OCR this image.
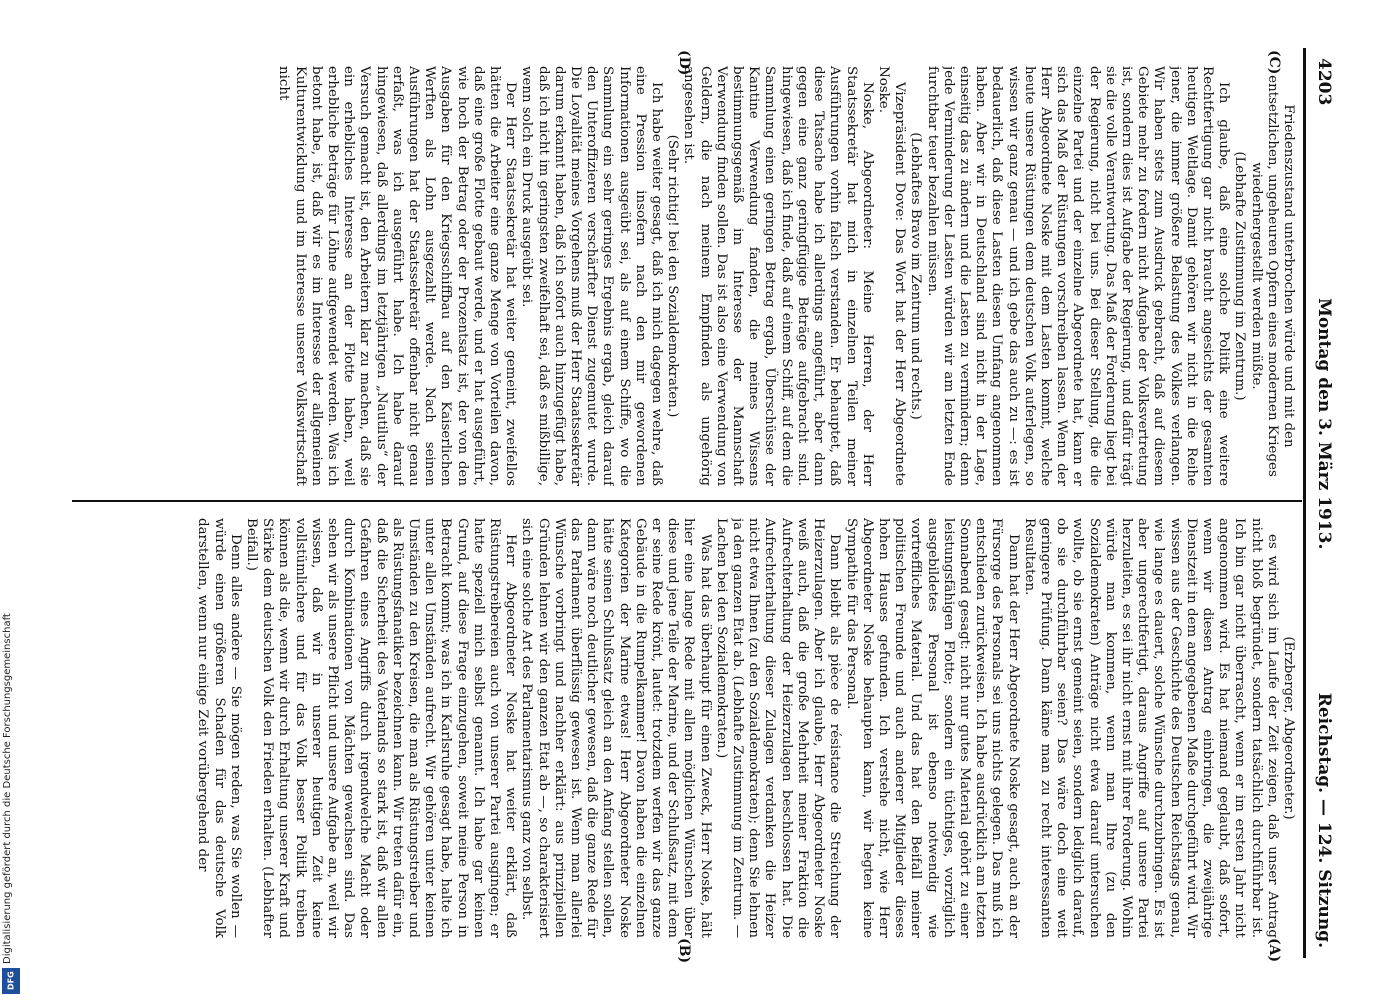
Digitalisierung gefördert durch die Deutsche Forschungsgemeinschaft
DFG
4203
Montag den 3. März 1913.
Reichstag. — 124. Sitzung.
(C)
(D)
(A)
(B)

Friedenszustand unterbrochen würde und mit den entsetzlichen, ungeheuren Opfern eines modernen Krieges wiederhergestellt werden müßte.

(Lebhafte Zustimmung im Zentrum.)

Ich glaube, daß eine solche Politik eine weitere Rechtfertigung gar nicht braucht angesichts der gesamten heutigen Weltlage. Damit gehören wir nicht in die Reihe jener, die immer größere Belastung des Volkes verlangen. Wir haben stets zum Ausdruck gebracht, daß auf diesem Gebiete mehr zu fordern nicht Aufgabe der Volksvertretung ist, sondern dies ist Aufgabe der Regierung, und dafür trägt sie die volle Verantwortung. Das Maß der Forderung liegt bei der Regierung, nicht bei uns. Bei dieser Stellung, die die einzelne Partei und der einzelne Abgeordnete hat, kann er sich das Maß der Rüstungen vorschreiben lassen. Wenn der Herr Abgeordnete Noske mit dem Lasten kommt, welche heute unsere Rüstungen dem deutschen Volk auferlegen, so wissen wir ganz genau — und ich gebe das auch zu —: es ist bedauerlich, daß diese Lasten diesen Umfang angenommen haben. Aber wir in Deutschland sind nicht in der Lage, einseitig das zu ändern und die Lasten zu vermindern; denn jede Verminderung der Lasten würden wir am letzten Ende furchtbar teuer bezahlen müssen.

(Lebhaftes Bravo im Zentrum und rechts.)

Vizepräsident Dove: Das Wort hat der Herr Abgeordnete Noske.

Noske, Abgeordneter: Meine Herren, der Herr Staatssekretär hat mich in einzelnen Teilen meiner Ausführungen vorhin falsch verstanden. Er behauptet, daß diese Tatsache habe ich allerdings angeführt, aber dann gegen eine ganz geringfügige Beträge aufgebracht sind. hingewiesen, daß ich finde, daß auf einem Schiff, auf dem die Sammlung einen geringen Betrag ergab, Überschüsse der Kantine Verwendung fanden, die meines Wissens bestimmungsgemäß im Interesse der Mannschaft Verwendung finden sollen. Das ist also eine Verwendung von Geldern, die nach meinem Empfinden als ungehörig angesehen ist.

(Sehr richtig! bei den Sozialdemokraten.)

Ich habe weiter gesagt, daß ich mich dagegen wehre, daß eine Pression insofern nach den mir gewordenen Informationen ausgeübt sei, als auf einem Schiffe, wo die Sammlung ein sehr geringes Ergebnis ergab, gleich darauf den Unteroffizieren verschärfter Dienst zugemutet wurde. Die Loyalität meines Vorgehens muß der Herr Staatssekretär darum erkannt haben, daß ich sofort auch hinzugefügt habe, daß ich nicht im geringsten zweifelhaft sei, daß es mißbillige, wenn solch ein Druck ausgeübt sei.

Der Herr Staatssekretär hat weiter gemeint, zweifellos hätten die Arbeiter eine ganze Menge von Vorteilen davon, daß eine große Flotte gebaut werde, und er hat ausgeführt, wie hoch der Betrag oder der Prozentsatz ist, der von den Ausgaben für den Kriegsschiffbau auf den Kaiserlichen Werften als Lohn ausgezahlt werde. Nach seinen Ausführungen hat der Staatssekretär offenbar nicht genau erfaßt, was ich ausgeführt habe. Ich habe darauf hingewiesen, daß allerdings im letztjährigen „Nautilus“ der Versuch gemacht ist, den Arbeitern klar zu machen, daß sie ein erhebliches Interesse an der Flotte haben, weil erhebliche Beträge für Löhne aufgewendet werden. Was ich betont habe, ist, daß wir es im Interesse der allgemeinen Kulturentwicklung und im Interesse unserer Volkswirtschaft nicht

(Erzberger, Abgeordneter.)

es wird sich im Laufe der Zeit zeigen, daß unser Antrag nicht bloß begründet, sondern tatsächlich durchführbar ist. Ich bin gar nicht überrascht, wenn er im ersten Jahr nicht angenommen wird. Es hat niemand geglaubt, daß sofort, wenn wir diesen Antrag einbringen, die zweijährige Dienstzeit in dem angegebenen Maße durchgeführt wird. Wir wissen aus der Geschichte des Deutschen Reichstags genau, wie lange es dauert, solche Wünsche durchzubringen. Es ist aber ungerechtfertigt, daraus Angriffe auf unsere Partei herzuleiten, es sei ihr nicht ernst mit ihrer Forderung. Wohin würde man kommen, wenn man Ihre (zu den Sozialdemokraten) Anträge nicht etwa darauf untersuchen wollte, ob sie ernst gemeint seien, sondern lediglich darauf, ob sie durchführbar seien? Das wäre doch eine weit geringere Prüfung. Dann käme man zu recht interessanten Resultaten.

Dann hat der Herr Abgeordnete Noske gesagt, auch an der Fürsorge des Personals sei uns nichts gelegen. Das muß ich entschieden zurückweisen. Ich habe ausdrücklich am letzten Sonnabend gesagt: nicht nur gutes Material gehört zu einer leistungsfähigen Flotte; sondern ein tüchtiges, vorzüglich ausgebildetes Personal ist ebenso notwendig wie vortreffliches Material. Und das hat den Beifall meiner politischen Freunde und auch anderer Mitglieder dieses hohen Hauses gefunden. Ich verstehe nicht, wie Herr Abgeordneter Noske behaupten kann, wir hegten keine Sympathie für das Personal.

Dann bleibt als pièce de résistance die Streichung der Heizerzulagen. Aber ich glaube, Herr Abgeordneter Noske weiß auch, daß die große Mehrheit meiner Fraktion die Aufrechterhaltung der Heizerzulagen beschlossen hat. Die Aufrechterhaltung dieser Zulagen verdanken die Heizer nicht etwa Ihnen (zu den Sozialdemokraten); denn Sie lehnen ja den ganzen Etat ab. (Lebhafte Zustimmung im Zentrum. — Lachen bei den Sozialdemokraten.)

Was hat das überhaupt für einen Zweck, Herr Noske, hält hier eine lange Rede mit allen möglichen Wünschen über diese und jene Teile der Marine, und der Schlußsatz, mit dem er seine Rede krönt, lautet: trotzdem werfen wir das ganze Gebäude in die Rumpelkammer! Davon haben die einzelnen Kategorien der Marine etwas! Herr Abgeordneter Noske hätte seinen Schlußsatz gleich an den Anfang stellen sollen, dann wäre noch deutlicher gewesen, daß die ganze Rede für das Parlament überflüssig gewesen ist. Wenn man allerlei Wünsche vorbringt und nachher erklärt: aus prinzipiellen Gründen lehnen wir den ganzen Etat ab —, so charakterisiert sich eine solche Art des Parlamentarismus ganz von selbst.

Herr Abgeordneter Noske hat weiter erklärt, daß Rüstungstreibereien auch von unserer Partei ausgingen; er hatte speziell mich selbst genannt. Ich habe gar keinen Grund, auf diese Frage einzugehen, soweit meine Person in Betracht kommt; was ich in Karlsruhe gesagt habe, halte ich unter allen Umständen aufrecht. Wir gehören unter keinen Umständen zu den Kreisen, die man als Rüstungstreiber und als Rüstungsfanatiker bezeichnen kann. Wir treten dafür ein, daß die Sicherheit des Vaterlands so stark ist, daß wir allen Gefahren eines Angriffs durch irgendwelche Macht oder durch Kombinationen von Mächten gewachsen sind. Das sehen wir als unsere Pflicht und unsere Aufgabe an, weil wir wissen, daß wir in unserer heutigen Zeit keine vollstümlichere und für das Volk besser Politik treiben können als die, wenn wir durch Erhaltung unserer Kraft und Stärke dem deutschen Volk den Frieden erhalten. (Lebhafter Beifall.)

Denn alles andere — Sie mögen reden, was Sie wollen — würde einen größeren Schaden für das deutsche Volk darstellen, wenn nur einige Zeit vorübergehend der
